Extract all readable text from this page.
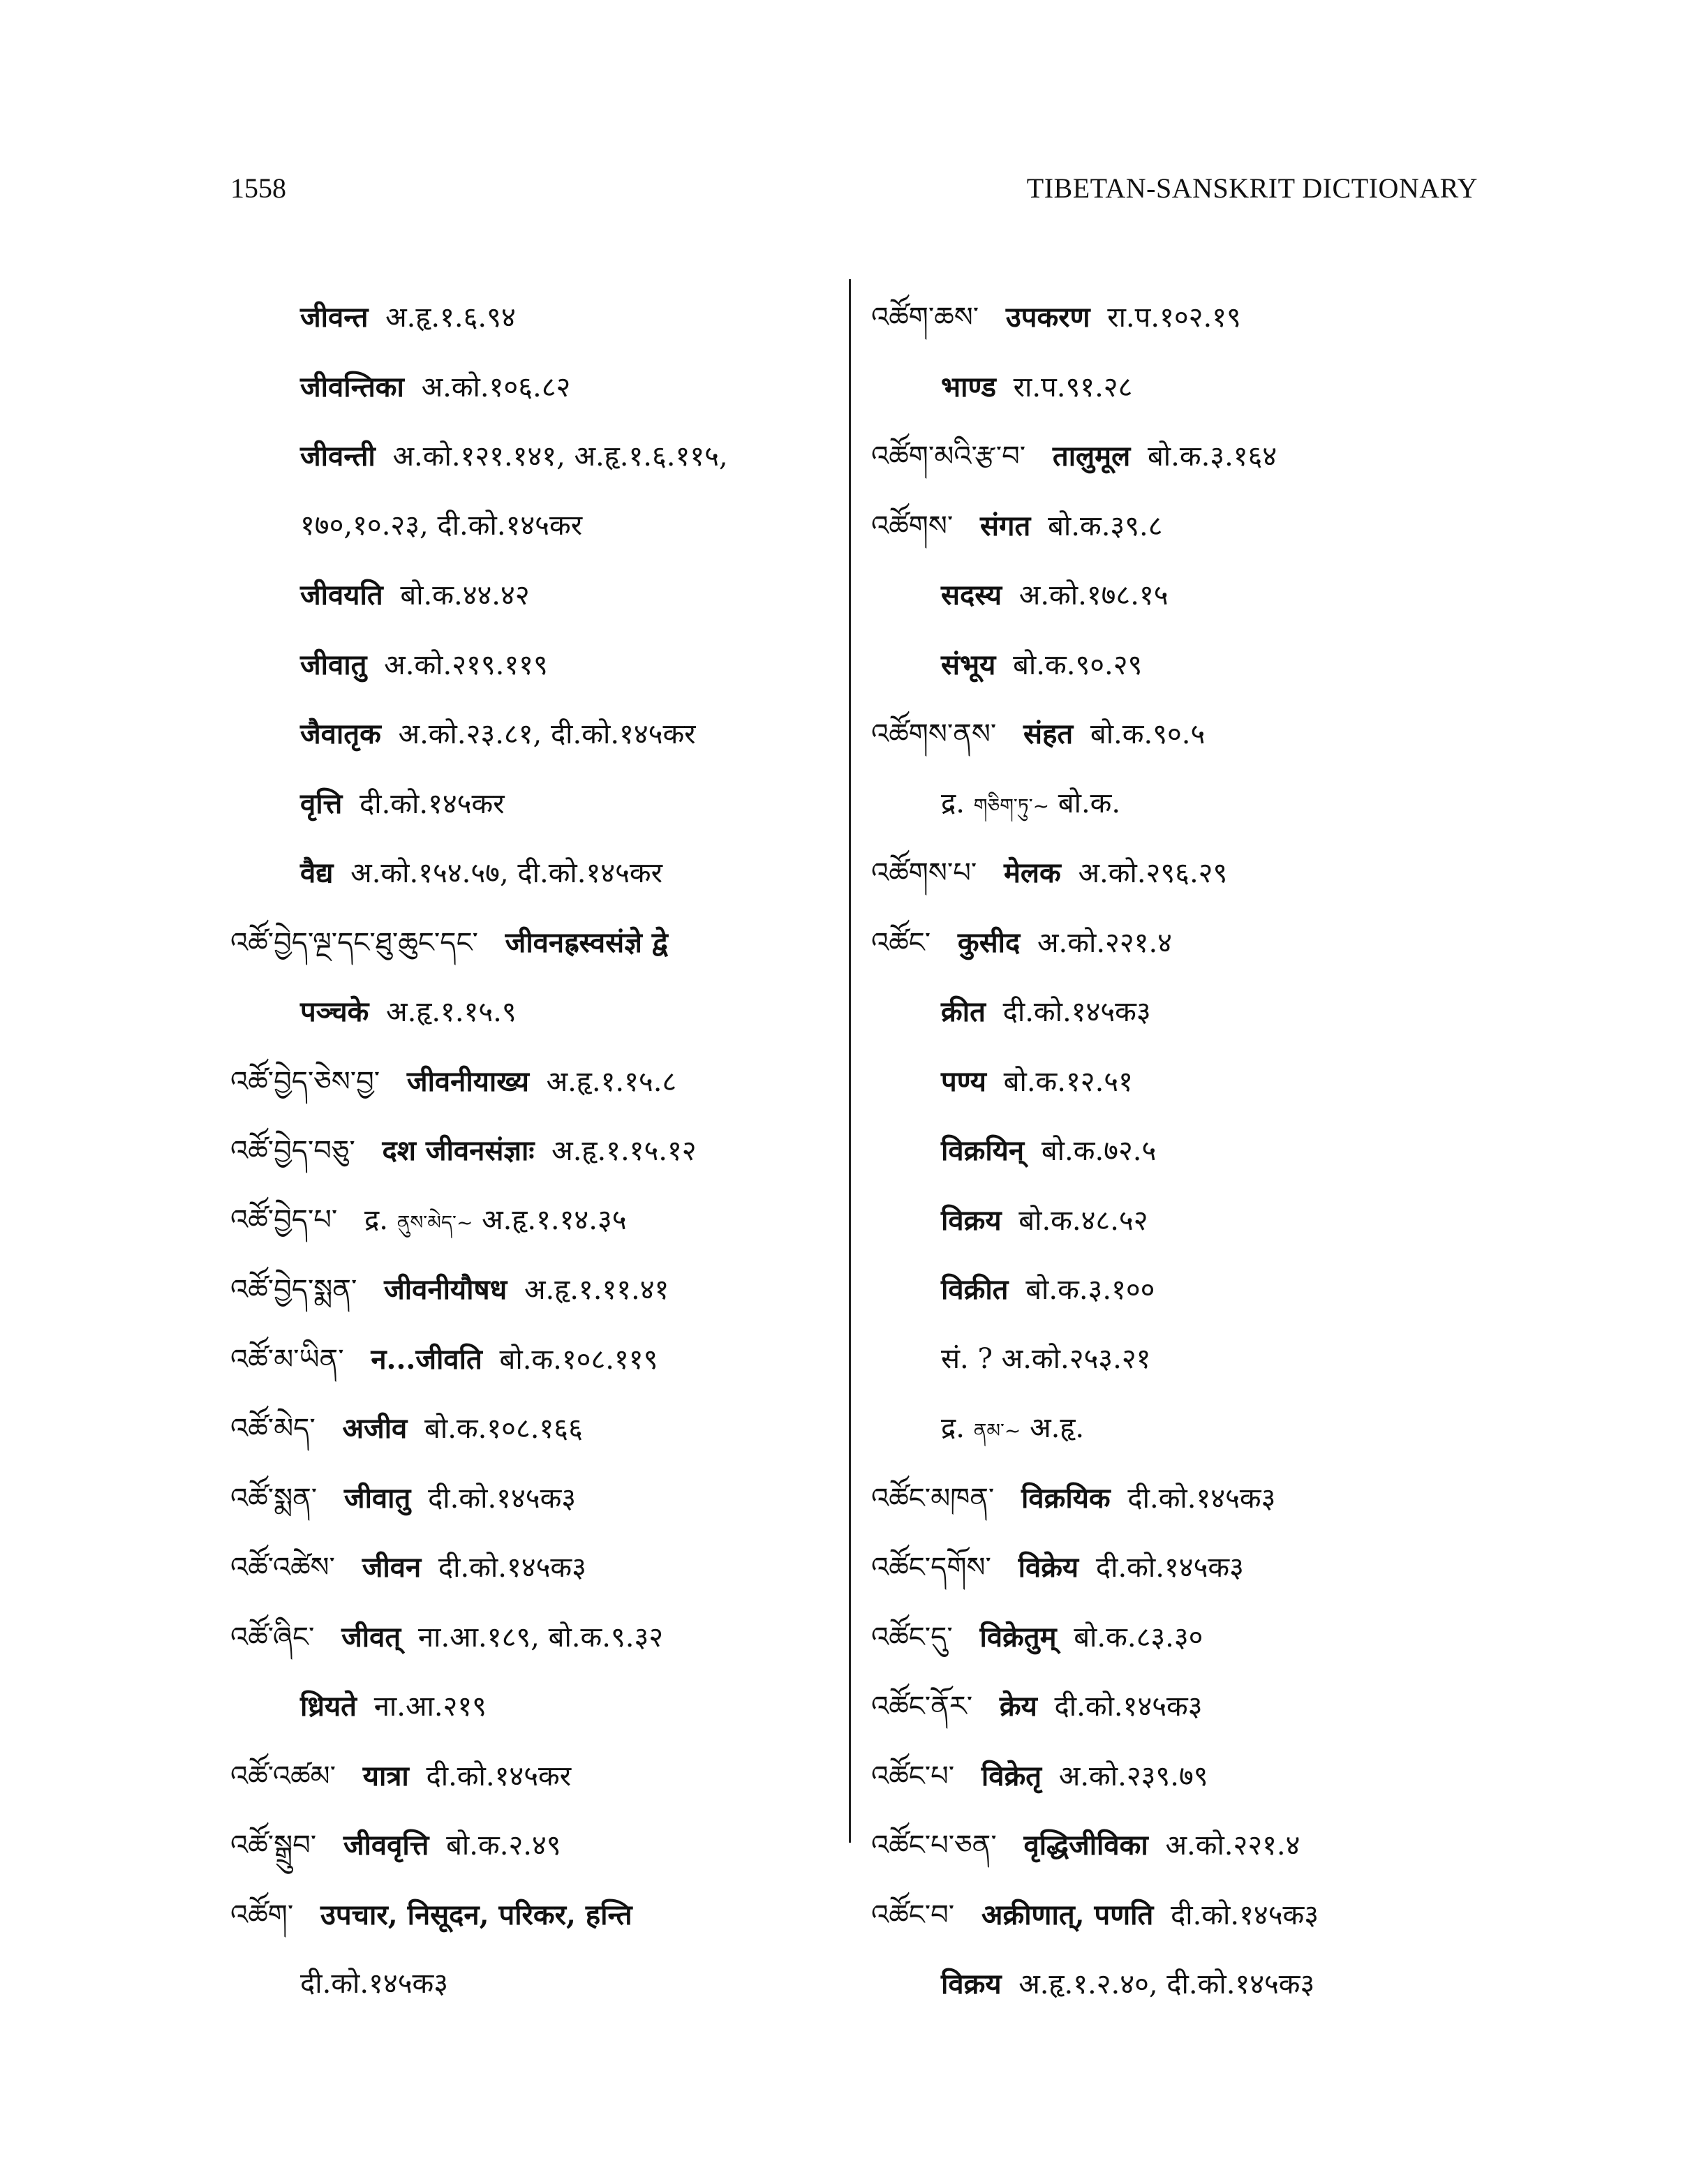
1558	TIBETAN-SANSKRIT DICTIONARY
जीवन्त अ.हृ.१.६.९४
जीवन्तिका अ.को.१०६.८२
जीवन्ती अ.को.१२१.१४१, अ.हृ.१.६.११५,
१७०,१०.२३, दी.को.१४५कर
जीवयति बो.क.४४.४२
जीवातु अ.को.२१९.११९
जैवातृक अ.को.२३.८१, दी.को.१४५कर
वृत्ति दी.को.१४५कर
वैद्य अ.को.१५४.५७, दी.को.१४५कर
འཚོ་བྱེད་ལྔ་དང་ཐུ་ཆུང་དང་ जीवनह्रस्वसंज्ञे द्वे
पञ्चके अ.हृ.१.१५.९
འཚོ་བྱེད་ཅེས་བྱ་ जीवनीयाख्य अ.हृ.१.१५.८
འཚོ་བྱེད་བཅུ་ दश जीवनसंज्ञाः अ.हृ.१.१५.१२
འཚོ་བྱེད་པ་ द्र. ནུས་མེད་~ अ.हृ.१.१४.३५
འཚོ་བྱེད་སྨན་ जीवनीयौषध अ.हृ.१.११.४१
འཚོ་མ་ཡིན་ न...जीवति बो.क.१०८.११९
འཚོ་མེད་ अजीव बो.क.१०८.१६६
འཚོ་སྨན་ जीवातु दी.को.१४५क३
འཚོ་འཚེས་ जीवन दी.को.१४५क३
འཚོ་ཞིང་ जीवत् ना.आ.१८९, बो.क.९.३२
ध्रियते ना.आ.२१९
འཚོ་འཚམ་ यात्रा दी.को.१४५कर
འཚོ་སྒྲུབ་ जीववृत्ति बो.क.२.४९
འཚོག་ उपचार, निसूदन, परिकर, हन्ति
दी.को.१४५क३
འཚོག་ཆས་ उपकरण रा.प.१०२.१९
भाण्ड रा.प.९१.२८
འཚོག་མའི་རྩ་བ་ तालुमूल बो.क.३.१६४
འཚོགས་ संगत बो.क.३९.८
सदस्य अ.को.१७८.१५
संभूय बो.क.९०.२९
འཚོགས་ནས་ संहत बो.क.९०.५
द्र. གཅིག་ཏུ་~ बो.क.
འཚོགས་པ་ मेलक अ.को.२९६.२९
འཚོང་ कुसीद अ.को.२२१.४
क्रीत दी.को.१४५क३
पण्य बो.क.१२.५१
विक्रयिन् बो.क.७२.५
विक्रय बो.क.४८.५२
विक्रीत बो.क.३.१००
सं. ? अ.को.२५३.२१
द्र. ནམ་~ अ.हृ.
འཚོང་མཁན་ विक्रयिक दी.को.१४५क३
འཚོང་དགོས་ विक्रेय दी.को.१४५क३
འཚོང་དུ་ विक्रेतुम् बो.क.८३.३०
འཚོང་ནོར་ क्रेय दी.को.१४५क३
འཚོང་པ་ विक्रेतृ अ.को.२३९.७९
འཚོང་པ་ཅན་ वृद्धिजीविका अ.को.२२१.४
འཚོང་བ་ अक्रीणात्, पणति दी.को.१४५क३
विक्रय अ.हृ.१.२.४०, दी.को.१४५क३
